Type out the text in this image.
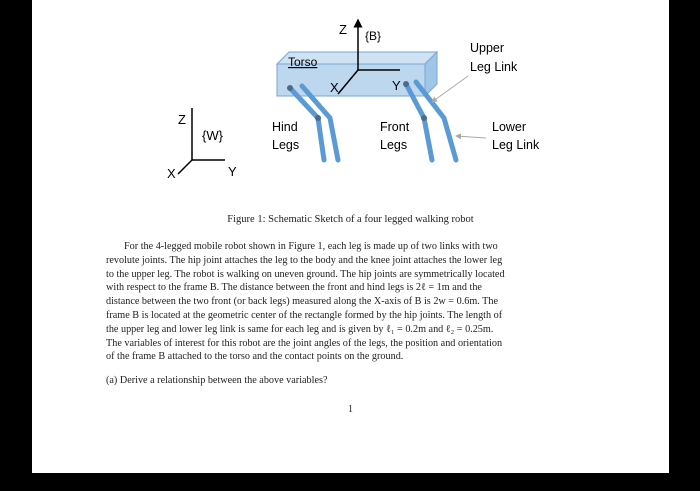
Z
{W}
Y
X
Torso
Z {B}
X	Y
Hind Legs
Front Legs
Upper Leg Link
Lower Leg Link
Figure 1: Schematic Sketch of a four legged walking robot
For the 4-legged mobile robot shown in Figure 1, each leg is made up of two links with two
revolute joints. The hip joint attaches the leg to the body and the knee joint attaches the lower leg
to the upper leg. The robot is walking on uneven ground. The hip joints are symmetrically located
with respect to the frame B. The distance between the front and hind legs is 2ℓ = 1m and the
distance between the two front (or back legs) measured along the X-axis of B is 2w = 0.6m. The
frame B is located at the geometric center of the rectangle formed by the hip joints. The length of
the upper leg and lower leg link is same for each leg and is given by ℓ₁ = 0.2m and ℓ₂ = 0.25m.
The variables of interest for this robot are the joint angles of the legs, the position and orientation
of the frame B attached to the torso and the contact points on the ground.
(a) Derive a relationship between the above variables?
1
